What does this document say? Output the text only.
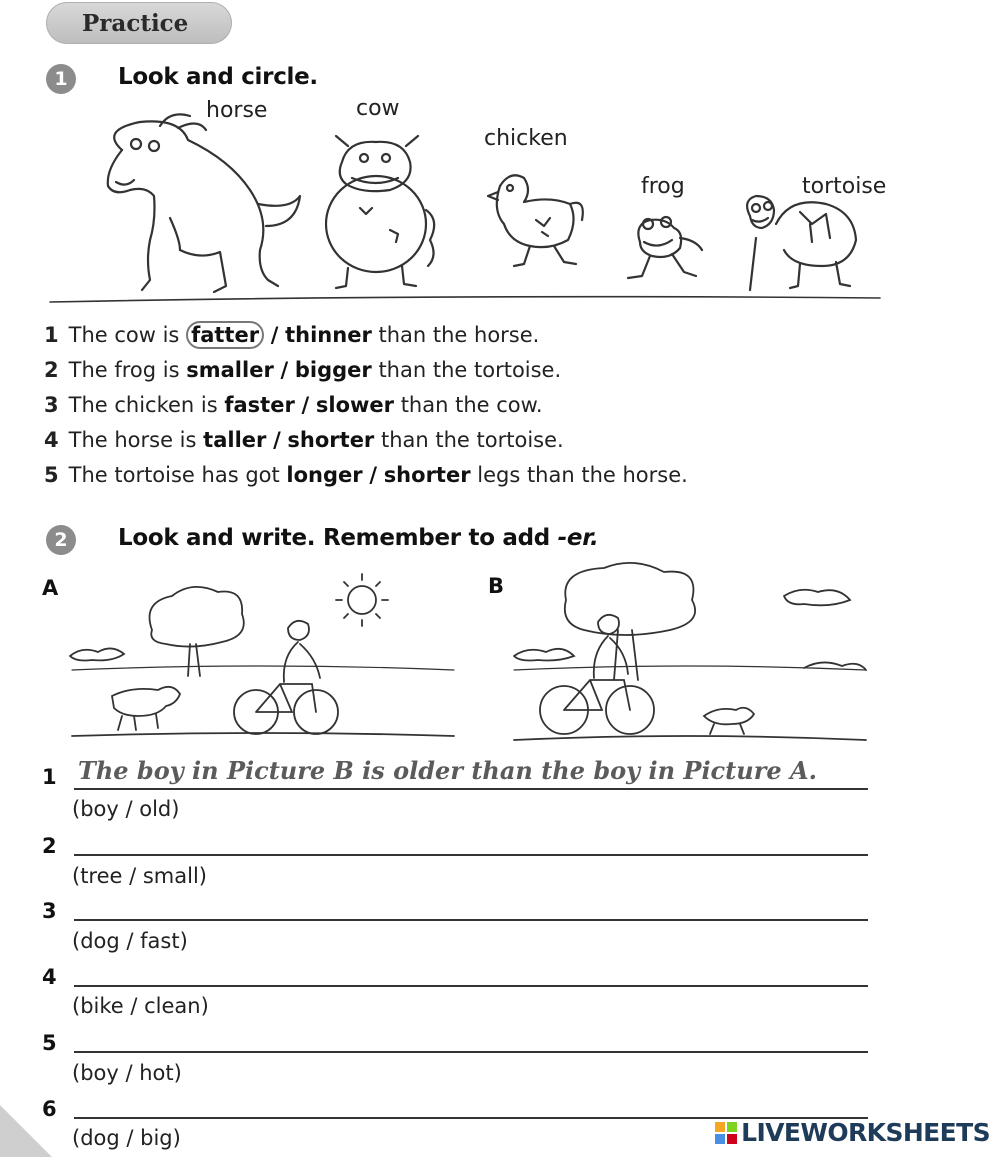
Practice
1 Look and circle.
horse	cow
chicken
frog	tortoise
1 The cow is fatter / thinner than the horse.
2 The frog is smaller / bigger than the tortoise.
3 The chicken is faster / slower than the cow.
4 The horse is taller / shorter than the tortoise.
5 The tortoise has got longer / shorter legs than the horse.
2 Look and write. Remember to add -er.
A	B
1 The boy in Picture B is older than the boy in Picture A.
(boy / old)
2
(tree / small)
3
(dog / fast)
4
(bike / clean)
5
(boy / hot)
6
(dog / big)	LIVEWORKSHEETS
